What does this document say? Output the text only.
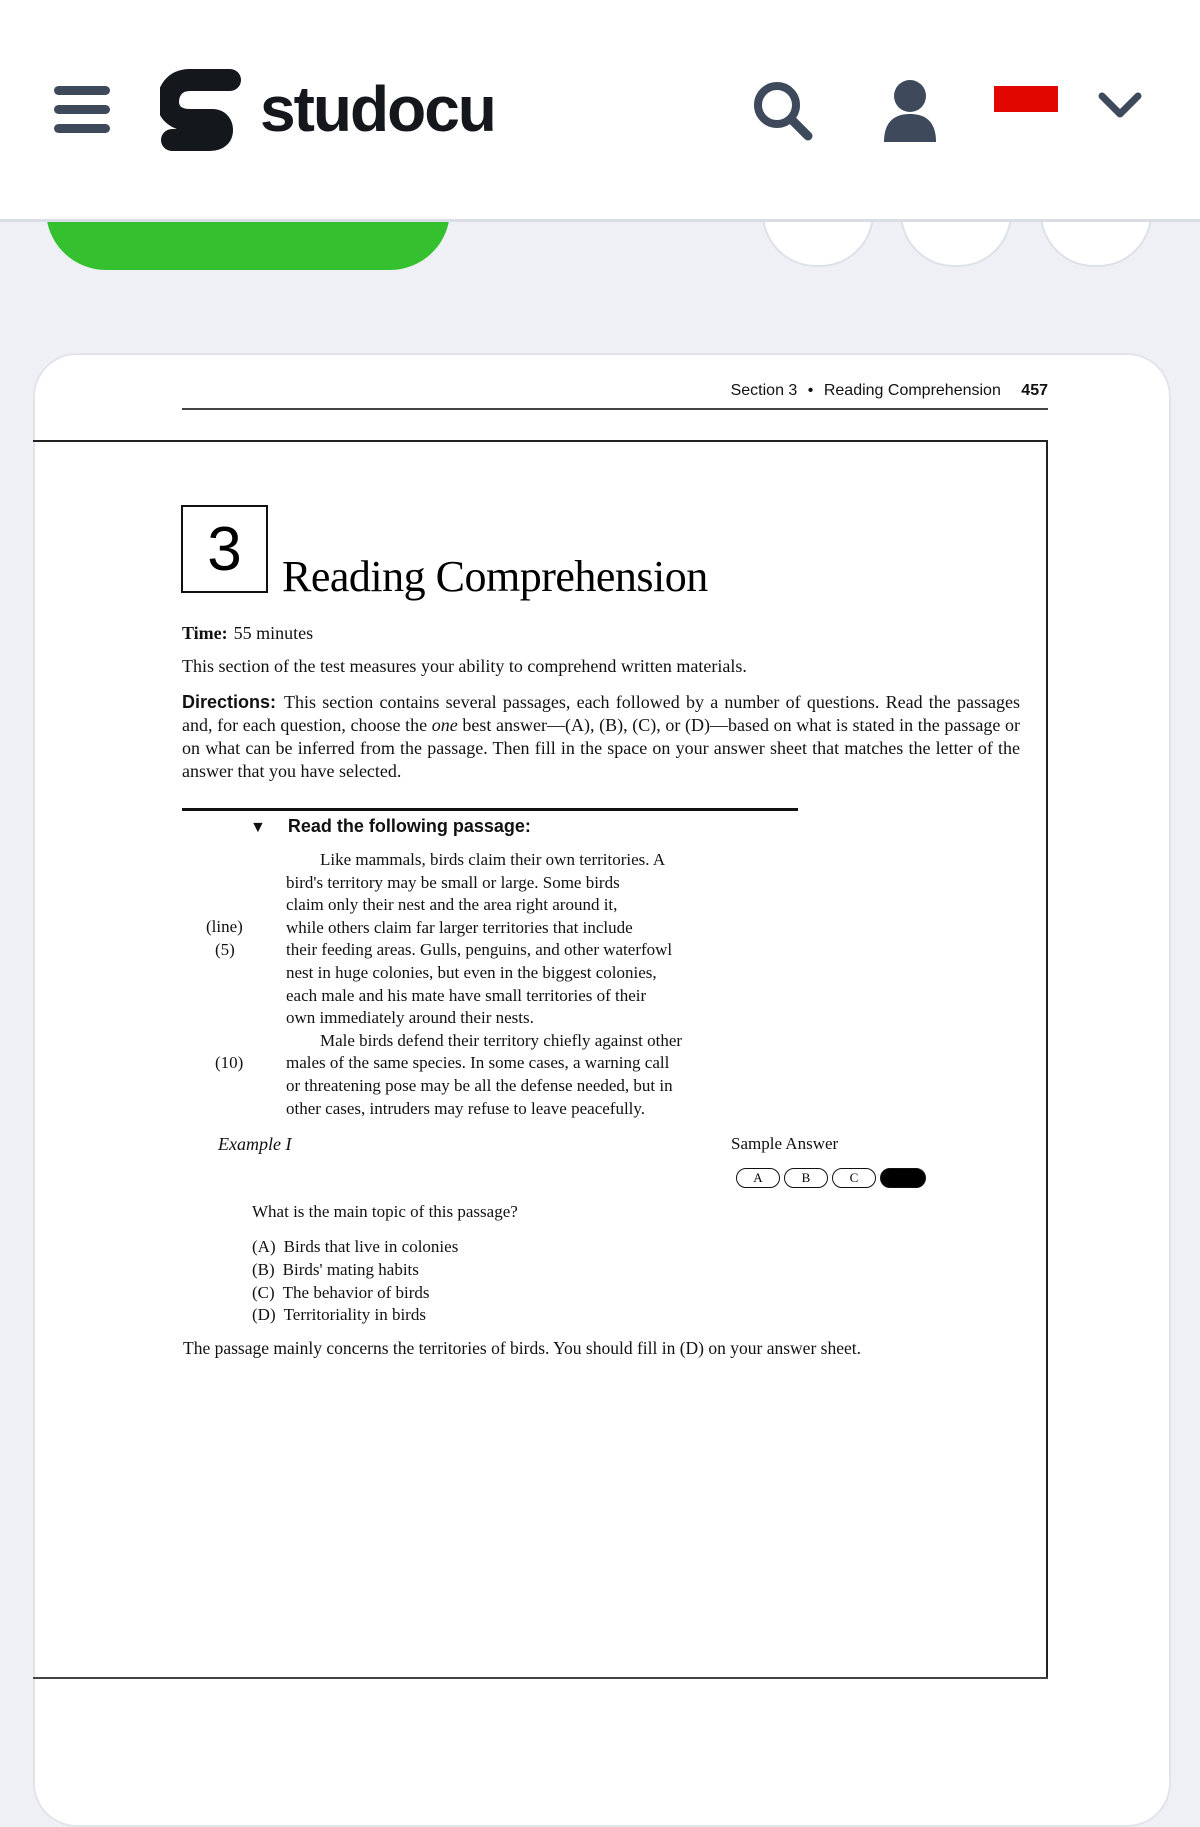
studocu
Section 3 • Reading Comprehension 457
3 Reading Comprehension
Time: 55 minutes
This section of the test measures your ability to comprehend written materials.
Directions: This section contains several passages, each followed by a number of questions. Read the passages and, for each question, choose the one best answer—(A), (B), (C), or (D)—based on what is stated in the passage or on what can be inferred from the passage. Then fill in the space on your answer sheet that matches the letter of the answer that you have selected.
▼ Read the following passage:
(line)
(5)
(10)

Like mammals, birds claim their own territories. A
bird's territory may be small or large. Some birds
claim only their nest and the area right around it,
while others claim far larger territories that include
their feeding areas. Gulls, penguins, and other waterfowl
nest in huge colonies, but even in the biggest colonies,
each male and his mate have small territories of their
own immediately around their nests.

Male birds defend their territory chiefly against other
males of the same species. In some cases, a warning call
or threatening pose may be all the defense needed, but in
other cases, intruders may refuse to leave peacefully.

Example I	Sample Answer
A	B	C
What is the main topic of this passage?
(A) Birds that live in colonies
(B) Birds' mating habits
(C) The behavior of birds
(D) Territoriality in birds
The passage mainly concerns the territories of birds. You should fill in (D) on your answer sheet.
